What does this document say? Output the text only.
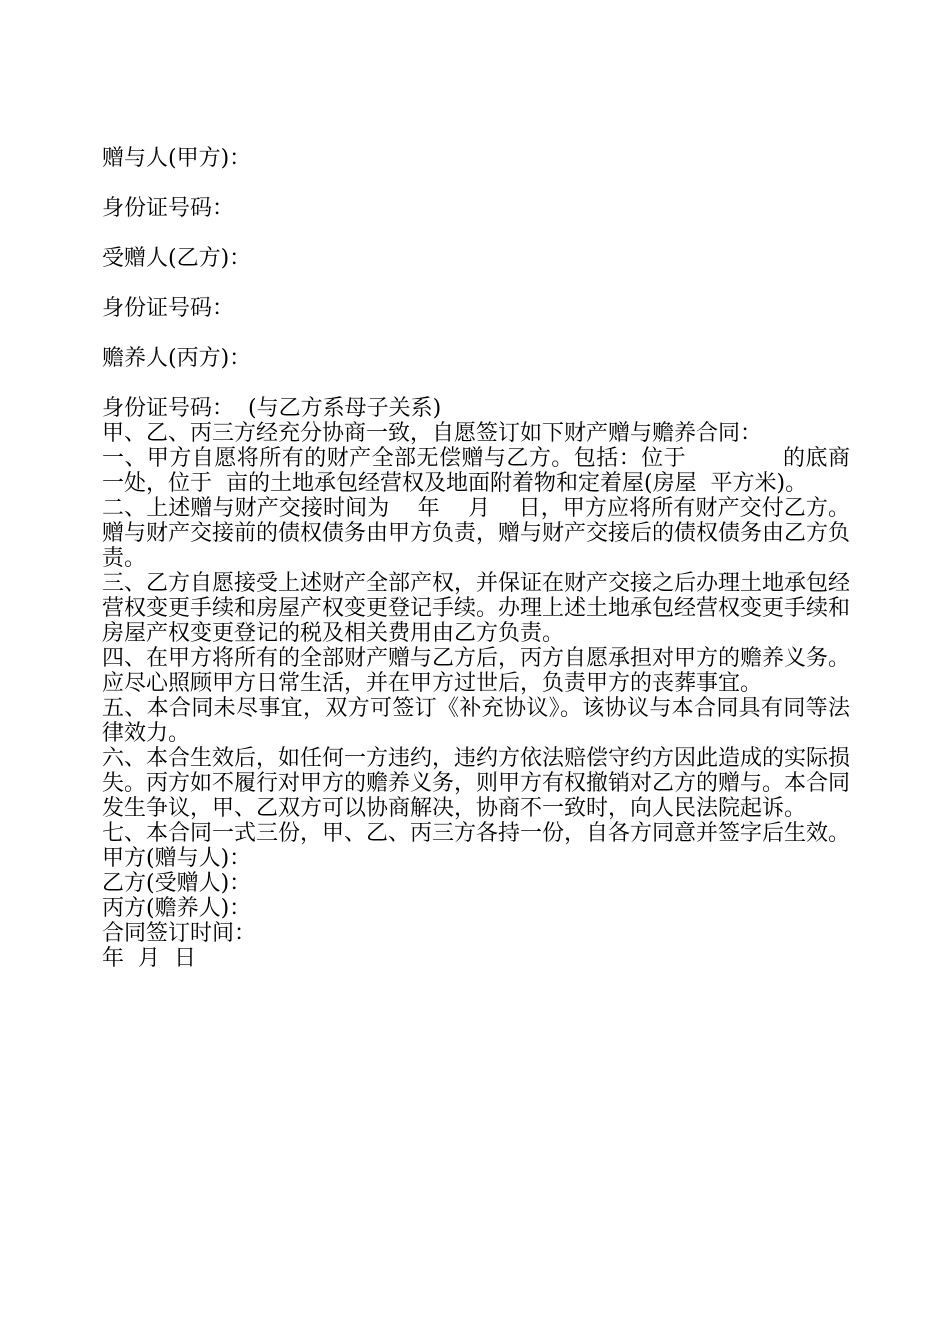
赠与人(甲方)：
身份证号码：
受赠人(乙方)：
身份证号码：
赡养人(丙方)：
身份证号码：  (与乙方系母子关系)
甲、乙、丙三方经充分协商一致，自愿签订如下财产赠与赡养合同：
一、甲方自愿将所有的财产全部无偿赠与乙方。包括：位于             的底商一处，位于  亩的土地承包经营权及地面附着物和定着屋(房屋  平方米)。
二、上述赠与财产交接时间为    年    月    日，甲方应将所有财产交付乙方。赠与财产交接前的债权债务由甲方负责，赠与财产交接后的债权债务由乙方负责。
三、乙方自愿接受上述财产全部产权，并保证在财产交接之后办理土地承包经营权变更手续和房屋产权变更登记手续。办理上述土地承包经营权变更手续和房屋产权变更登记的税及相关费用由乙方负责。
四、在甲方将所有的全部财产赠与乙方后，丙方自愿承担对甲方的赡养义务。应尽心照顾甲方日常生活，并在甲方过世后，负责甲方的丧葬事宜。
五、本合同未尽事宜，双方可签订《补充协议》。该协议与本合同具有同等法律效力。
六、本合生效后，如任何一方违约，违约方依法赔偿守约方因此造成的实际损失。丙方如不履行对甲方的赡养义务，则甲方有权撤销对乙方的赠与。本合同发生争议，甲、乙双方可以协商解决，协商不一致时，向人民法院起诉。
七、本合同一式三份，甲、乙、丙三方各持一份，自各方同意并签字后生效。
甲方(赠与人)：
乙方(受赠人)：
丙方(赡养人)：
合同签订时间：
年  月  日
